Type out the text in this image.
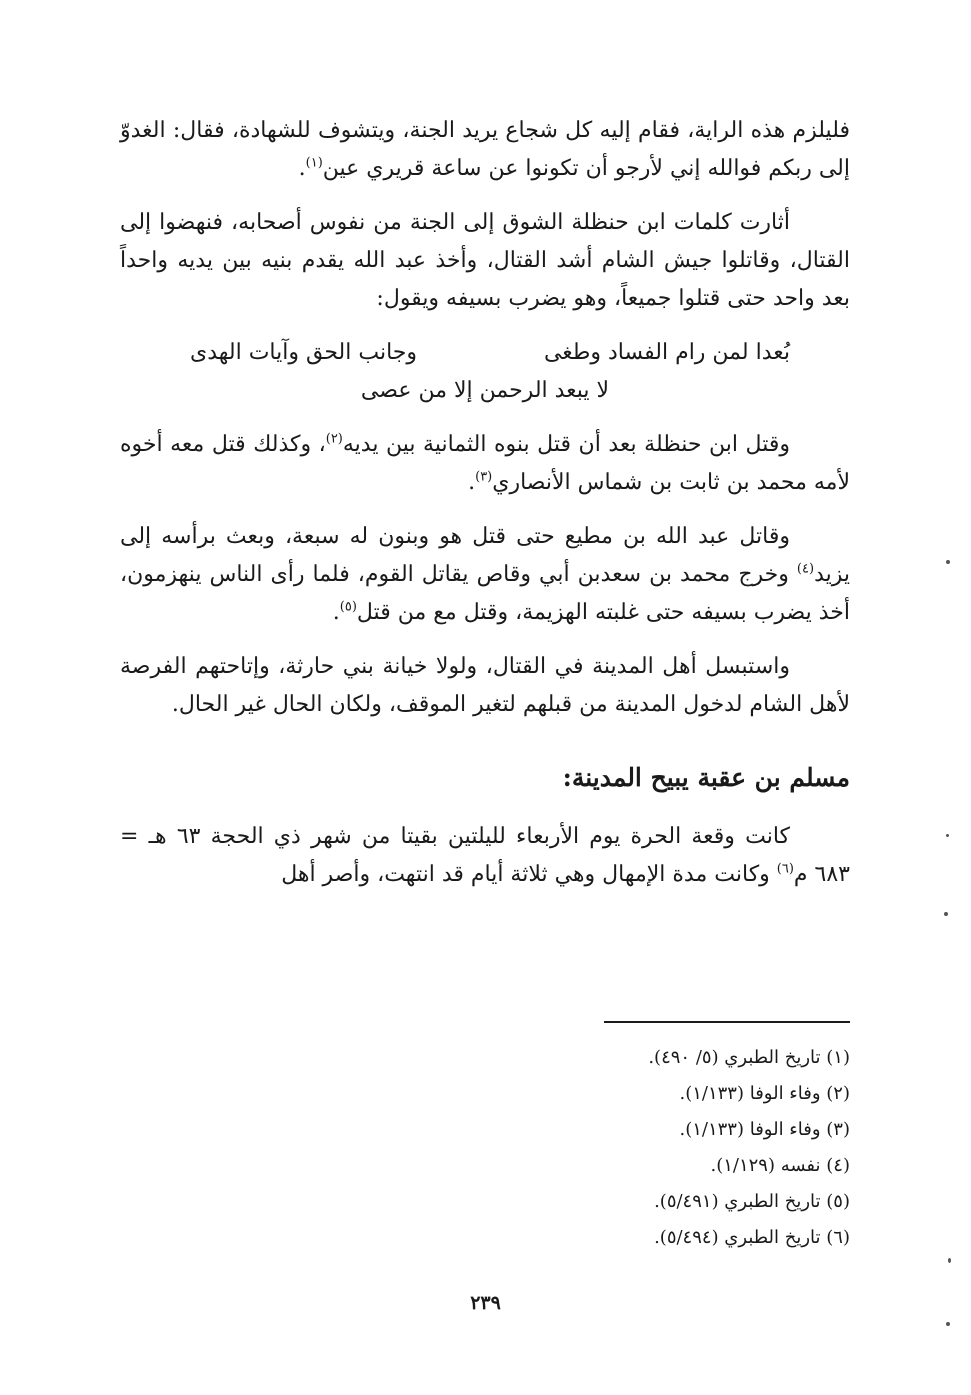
فليلزم هذه الراية، فقام إليه كل شجاع يريد الجنة، ويتشوف للشهادة، فقال: الغدوّ إلى ربكم فوالله إني لأرجو أن تكونوا عن ساعة قريري عين$^{(١)}$.

أثارت كلمات ابن حنظلة الشوق إلى الجنة من نفوس أصحابه، فنهضوا إلى القتال، وقاتلوا جيش الشام أشد القتال، وأخذ عبد الله يقدم بنيه بين يديه واحداً بعد واحد حتى قتلوا جميعاً، وهو يضرب بسيفه ويقول:

بُعدا لمن رام الفساد وطغى
وجانب الحق وآيات الهدى
لا يبعد الرحمن إلا من عصى

وقتل ابن حنظلة بعد أن قتل بنوه الثمانية بين يديه$^{(٢)}$، وكذلك قتل معه أخوه لأمه محمد بن ثابت بن شماس الأنصاري$^{(٣)}$.

وقاتل عبد الله بن مطيع حتى قتل هو وبنون له سبعة، وبعث برأسه إلى يزيد$^{(٤)}$ وخرج محمد بن سعدبن أبي وقاص يقاتل القوم، فلما رأى الناس ينهزمون، أخذ يضرب بسيفه حتى غلبته الهزيمة، وقتل مع من قتل$^{(٥)}$.

واستبسل أهل المدينة في القتال، ولولا خيانة بني حارثة، وإتاحتهم الفرصة لأهل الشام لدخول المدينة من قبلهم لتغير الموقف، ولكان الحال غير الحال.

مسلم بن عقبة يبيح المدينة:

كانت وقعة الحرة يوم الأربعاء لليلتين بقيتا من شهر ذي الحجة ٦٣ هـ = ٦٨٣ م$^{(٦)}$ وكانت مدة الإمهال وهي ثلاثة أيام قد انتهت، وأصر أهل

(١) تاريخ الطبري (٥/ ٤٩٠).

(٢) وفاء الوفا (١/١٣٣).

(٣) وفاء الوفا (١/١٣٣).

(٤) نفسه (١/١٢٩).

(٥) تاريخ الطبري (٥/٤٩١).

(٦) تاريخ الطبري (٥/٤٩٤).

٢٣٩
